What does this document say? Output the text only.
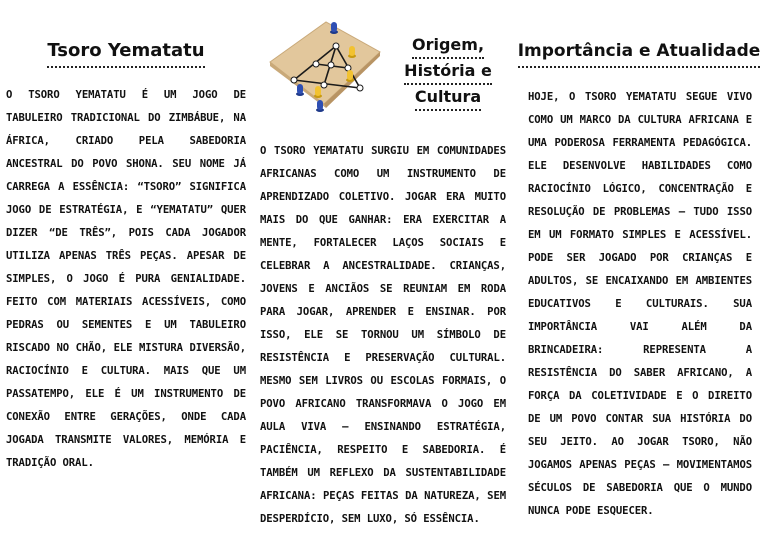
Tsoro Yematatu

O TSORO YEMATATU É UM JOGO DE TABULEIRO TRADICIONAL DO ZIMBÁBUE, NA ÁFRICA, CRIADO PELA SABEDORIA ANCESTRAL DO POVO SHONA. SEU NOME JÁ CARREGA A ESSÊNCIA: “TSORO” SIGNIFICA JOGO DE ESTRATÉGIA, E “YEMATATU” QUER DIZER “DE TRÊS”, POIS CADA JOGADOR UTILIZA APENAS TRÊS PEÇAS. APESAR DE SIMPLES, O JOGO É PURA GENIALIDADE. FEITO COM MATERIAIS ACESSÍVEIS, COMO PEDRAS OU SEMENTES E UM TABULEIRO RISCADO NO CHÃO, ELE MISTURA DIVERSÃO, RACIOCÍNIO E CULTURA. MAIS QUE UM PASSATEMPO, ELE É UM INSTRUMENTO DE CONEXÃO ENTRE GERAÇÕES, ONDE CADA JOGADA TRANSMITE VALORES, MEMÓRIA E TRADIÇÃO ORAL.

Origem,
História e
Cultura

O TSORO YEMATATU SURGIU EM COMUNIDADES AFRICANAS COMO UM INSTRUMENTO DE APRENDIZADO COLETIVO. JOGAR ERA MUITO MAIS DO QUE GANHAR: ERA EXERCITAR A MENTE, FORTALECER LAÇOS SOCIAIS E CELEBRAR A ANCESTRALIDADE. CRIANÇAS, JOVENS E ANCIÃOS SE REUNIAM EM RODA PARA JOGAR, APRENDER E ENSINAR. POR ISSO, ELE SE TORNOU UM SÍMBOLO DE RESISTÊNCIA E PRESERVAÇÃO CULTURAL. MESMO SEM LIVROS OU ESCOLAS FORMAIS, O POVO AFRICANO TRANSFORMAVA O JOGO EM AULA VIVA — ENSINANDO ESTRATÉGIA, PACIÊNCIA, RESPEITO E SABEDORIA. É TAMBÉM UM REFLEXO DA SUSTENTABILIDADE AFRICANA: PEÇAS FEITAS DA NATUREZA, SEM DESPERDÍCIO, SEM LUXO, SÓ ESSÊNCIA.

Importância e Atualidade

HOJE, O TSORO YEMATATU SEGUE VIVO COMO UM MARCO DA CULTURA AFRICANA E UMA PODEROSA FERRAMENTA PEDAGÓGICA. ELE DESENVOLVE HABILIDADES COMO RACIOCÍNIO LÓGICO, CONCENTRAÇÃO E RESOLUÇÃO DE PROBLEMAS — TUDO ISSO EM UM FORMATO SIMPLES E ACESSÍVEL. PODE SER JOGADO POR CRIANÇAS E ADULTOS, SE ENCAIXANDO EM AMBIENTES EDUCATIVOS E CULTURAIS. SUA IMPORTÂNCIA VAI ALÉM DA BRINCADEIRA: REPRESENTA A RESISTÊNCIA DO SABER AFRICANO, A FORÇA DA COLETIVIDADE E O DIREITO DE UM POVO CONTAR SUA HISTÓRIA DO SEU JEITO. AO JOGAR TSORO, NÃO JOGAMOS APENAS PEÇAS — MOVIMENTAMOS SÉCULOS DE SABEDORIA QUE O MUNDO NUNCA PODE ESQUECER.
